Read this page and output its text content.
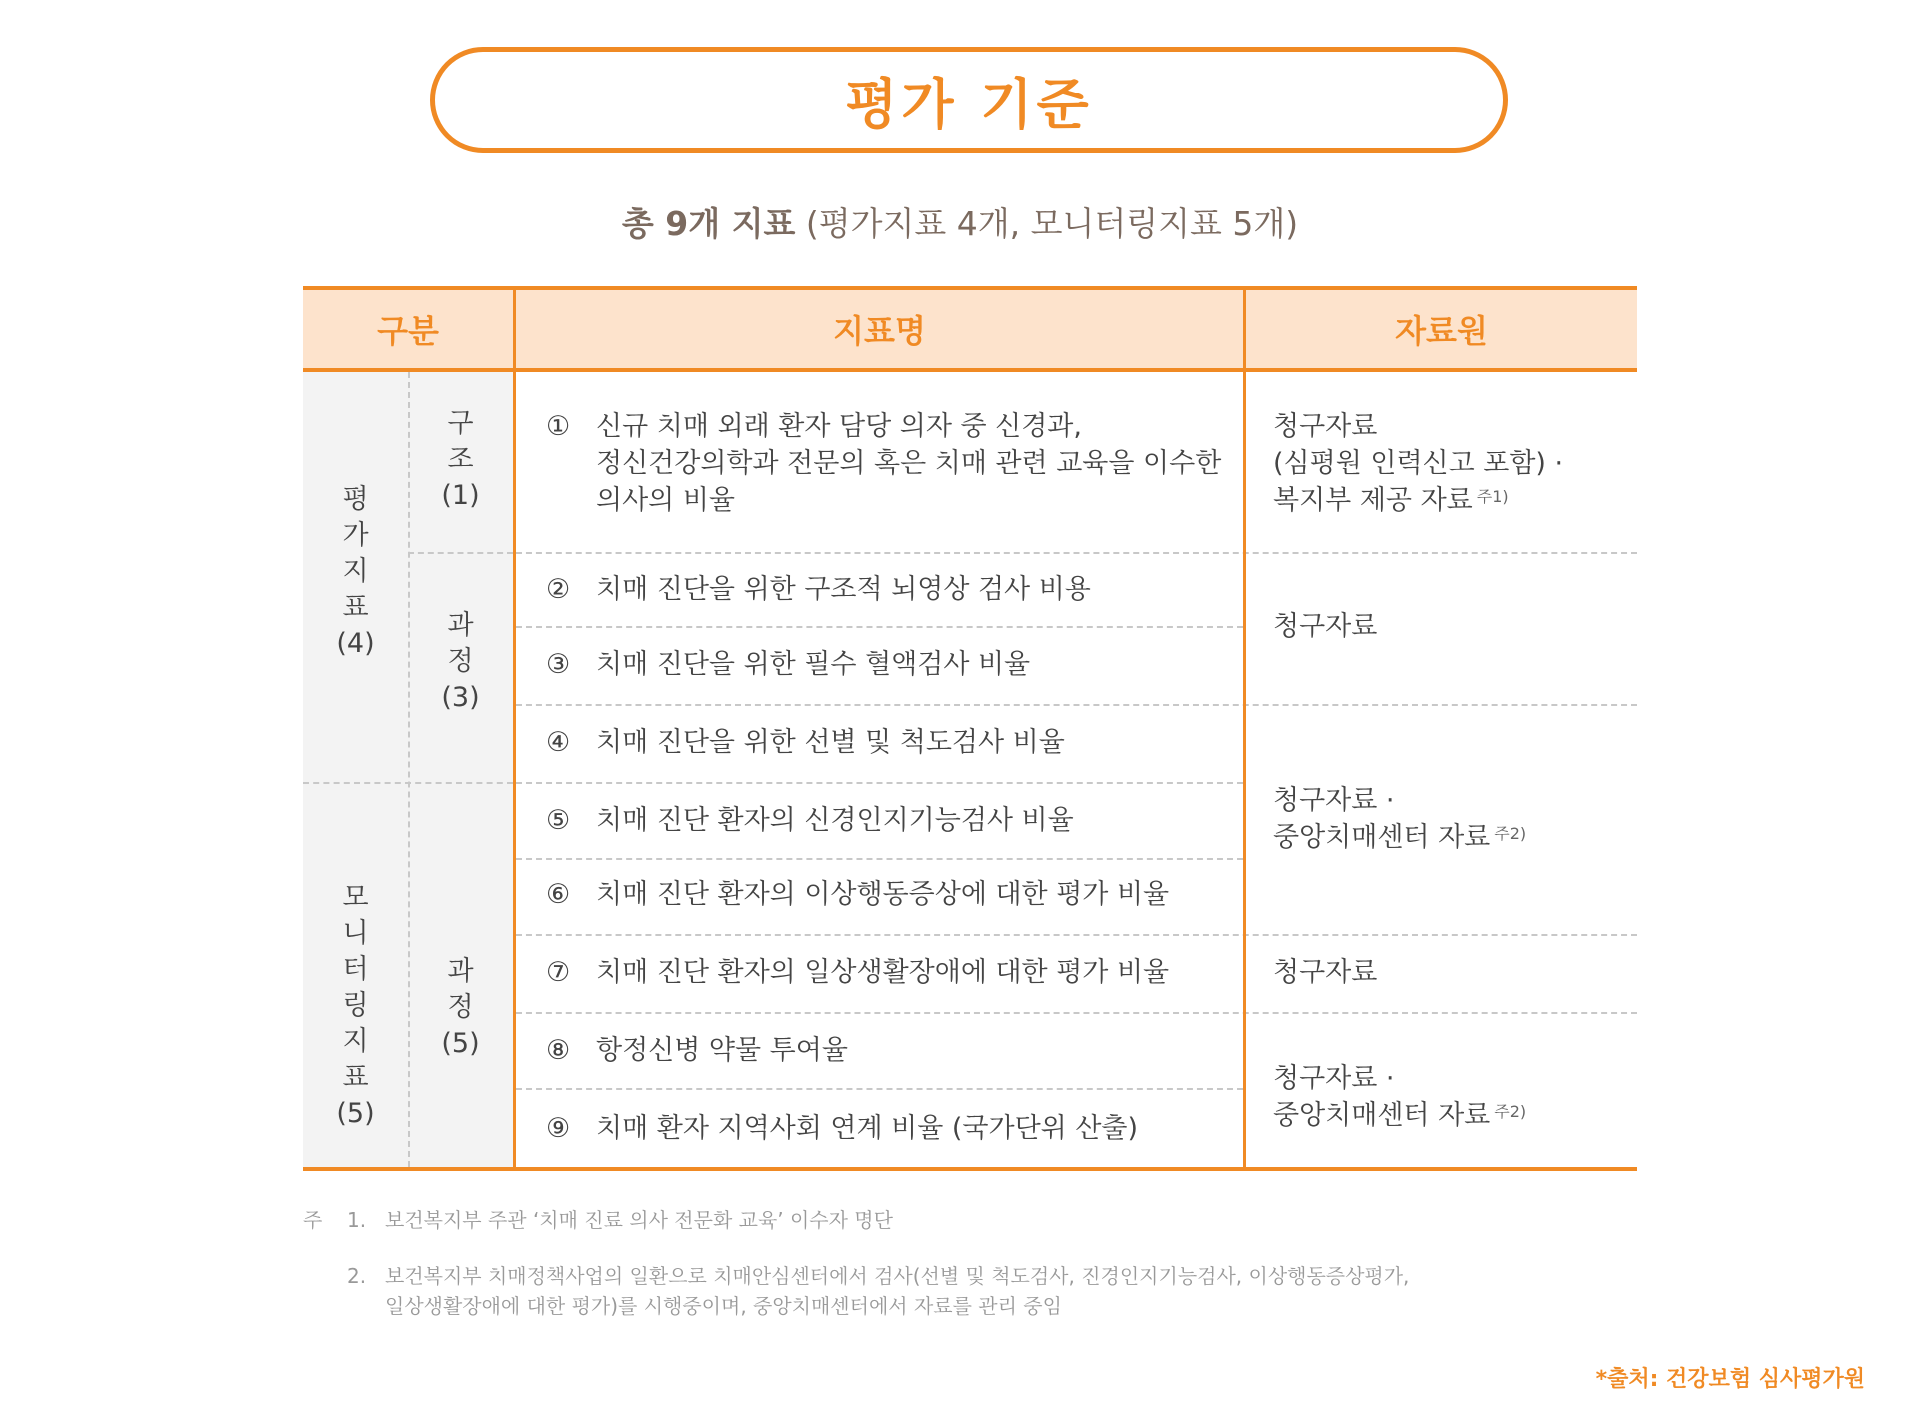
평가 기준
총 9개 지표 (평가지표 4개, 모니터링지표 5개)
구분	지표명	자료원
평
가
지
표
(4)
모
니
터
링
지
표
(5)
구
조
(1)
과
정
(3)
과
정
(5)
① 신규 치매 외래 환자 담당 의자 중 신경과,
정신건강의학과 전문의 혹은 치매 관련 교육을 이수한
의사의 비율
② 치매 진단을 위한 구조적 뇌영상 검사 비용
③ 치매 진단을 위한 필수 혈액검사 비율
④ 치매 진단을 위한 선별 및 척도검사 비율
⑤ 치매 진단 환자의 신경인지기능검사 비율
⑥ 치매 진단 환자의 이상행동증상에 대한 평가 비율
⑦ 치매 진단 환자의 일상생활장애에 대한 평가 비율
⑧ 항정신병 약물 투여율
⑨ 치매 환자 지역사회 연계 비율 (국가단위 산출)
청구자료
(심평원 인력신고 포함) ·
복지부 제공 자료 $^{주1)}$
청구자료
청구자료 ·
중앙치매센터 자료 $^{주2)}$
청구자료
청구자료 ·
중앙치매센터 자료 $^{주2)}$
주 1. 보건복지부 주관 ‘치매 진료 의사 전문화 교육’ 이수자 명단
2. 보건복지부 치매정책사업의 일환으로 치매안심센터에서 검사(선별 및 척도검사, 진경인지기능검사, 이상행동증상평가,
일상생활장애에 대한 평가)를 시행중이며, 중앙치매센터에서 자료를 관리 중임
*출처: 건강보험 심사평가원
